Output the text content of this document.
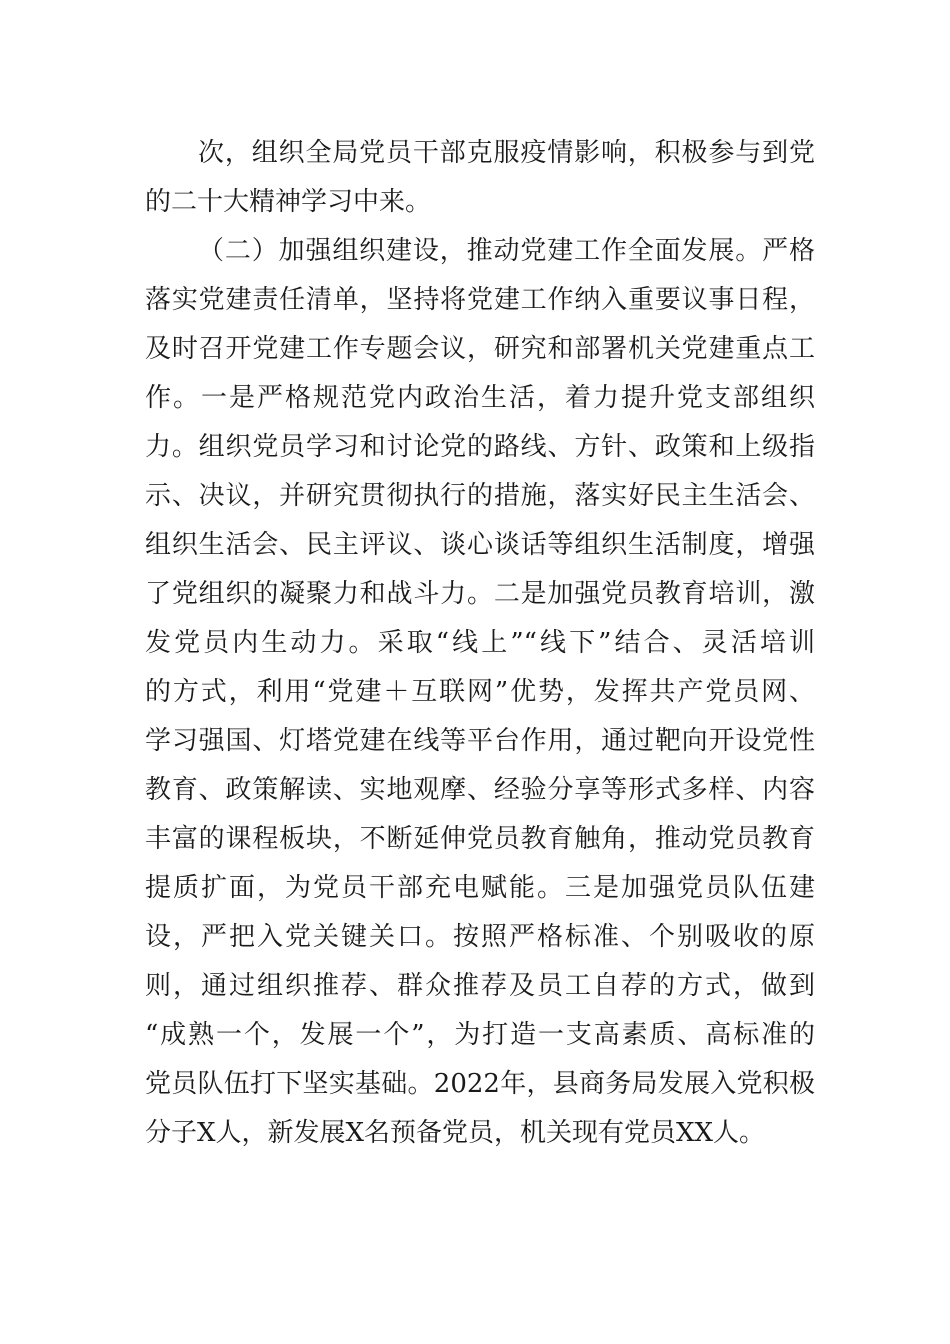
次，组织全局党员干部克服疫情影响，积极参与到党
的二十大精神学习中来。
（二）加强组织建设，推动党建工作全面发展。严格
落实党建责任清单，坚持将党建工作纳入重要议事日程，
及时召开党建工作专题会议，研究和部署机关党建重点工
作。一是严格规范党内政治生活，着力提升党支部组织
力。组织党员学习和讨论党的路线、方针、政策和上级指
示、决议，并研究贯彻执行的措施，落实好民主生活会、
组织生活会、民主评议、谈心谈话等组织生活制度，增强
了党组织的凝聚力和战斗力。二是加强党员教育培训，激
发党员内生动力。采取“线上”“线下”结合、灵活培训
的方式，利用“党建＋互联网”优势，发挥共产党员网、
学习强国、灯塔党建在线等平台作用，通过靶向开设党性
教育、政策解读、实地观摩、经验分享等形式多样、内容
丰富的课程板块，不断延伸党员教育触角，推动党员教育
提质扩面，为党员干部充电赋能。三是加强党员队伍建
设，严把入党关键关口。按照严格标准、个别吸收的原
则，通过组织推荐、群众推荐及员工自荐的方式，做到
“成熟一个，发展一个”，为打造一支高素质、高标准的
党员队伍打下坚实基础。2022年，县商务局发展入党积极
分子X人，新发展X名预备党员，机关现有党员XX人。
